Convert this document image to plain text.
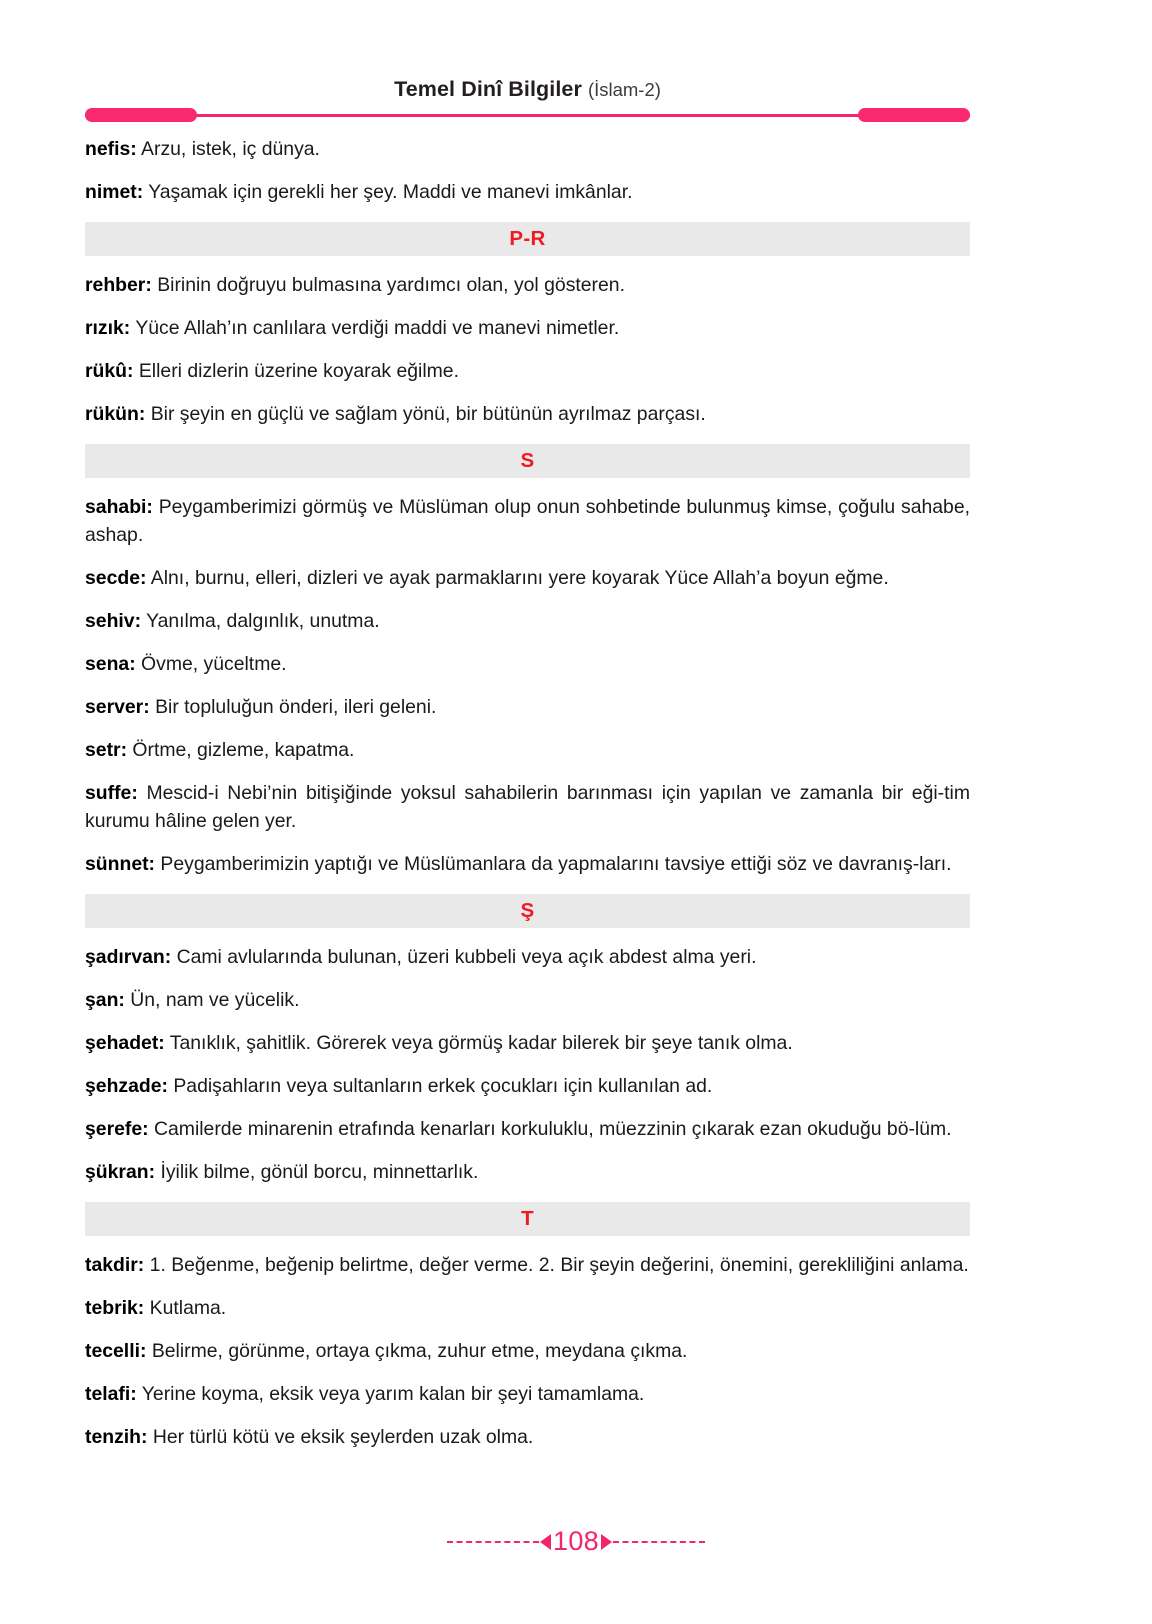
Temel Dinî Bilgiler (İslam-2)

nefis: Arzu, istek, iç dünya.

nimet: Yaşamak için gerekli her şey. Maddi ve manevi imkânlar.

P-R

rehber: Birinin doğruyu bulmasına yardımcı olan, yol gösteren.

rızık: Yüce Allah’ın canlılara verdiği maddi ve manevi nimetler.

rükû: Elleri dizlerin üzerine koyarak eğilme.

rükün: Bir şeyin en güçlü ve sağlam yönü, bir bütünün ayrılmaz parçası.

S

sahabi: Peygamberimizi görmüş ve Müslüman olup onun sohbetinde bulunmuş kimse, çoğulu sahabe, ashap.

secde: Alnı, burnu, elleri, dizleri ve ayak parmaklarını yere koyarak Yüce Allah’a boyun eğme.

sehiv: Yanılma, dalgınlık, unutma.

sena: Övme, yüceltme.

server: Bir topluluğun önderi, ileri geleni.

setr: Örtme, gizleme, kapatma.

suffe: Mescid-i Nebi’nin bitişiğinde yoksul sahabilerin barınması için yapılan ve zamanla bir eği-tim kurumu hâline gelen yer.

sünnet: Peygamberimizin yaptığı ve Müslümanlara da yapmalarını tavsiye ettiği söz ve davranış-ları.

Ş

şadırvan: Cami avlularında bulunan, üzeri kubbeli veya açık abdest alma yeri.

şan: Ün, nam ve yücelik.

şehadet: Tanıklık, şahitlik. Görerek veya görmüş kadar bilerek bir şeye tanık olma.

şehzade: Padişahların veya sultanların erkek çocukları için kullanılan ad.

şerefe: Camilerde minarenin etrafında kenarları korkuluklu, müezzinin çıkarak ezan okuduğu bö-lüm.

şükran: İyilik bilme, gönül borcu, minnettarlık.

T

takdir: 1. Beğenme, beğenip belirtme, değer verme. 2. Bir şeyin değerini, önemini, gerekliliğini anlama.

tebrik: Kutlama.

tecelli: Belirme, görünme, ortaya çıkma, zuhur etme, meydana çıkma.

telafi: Yerine koyma, eksik veya yarım kalan bir şeyi tamamlama.

tenzih: Her türlü kötü ve eksik şeylerden uzak olma.

108
